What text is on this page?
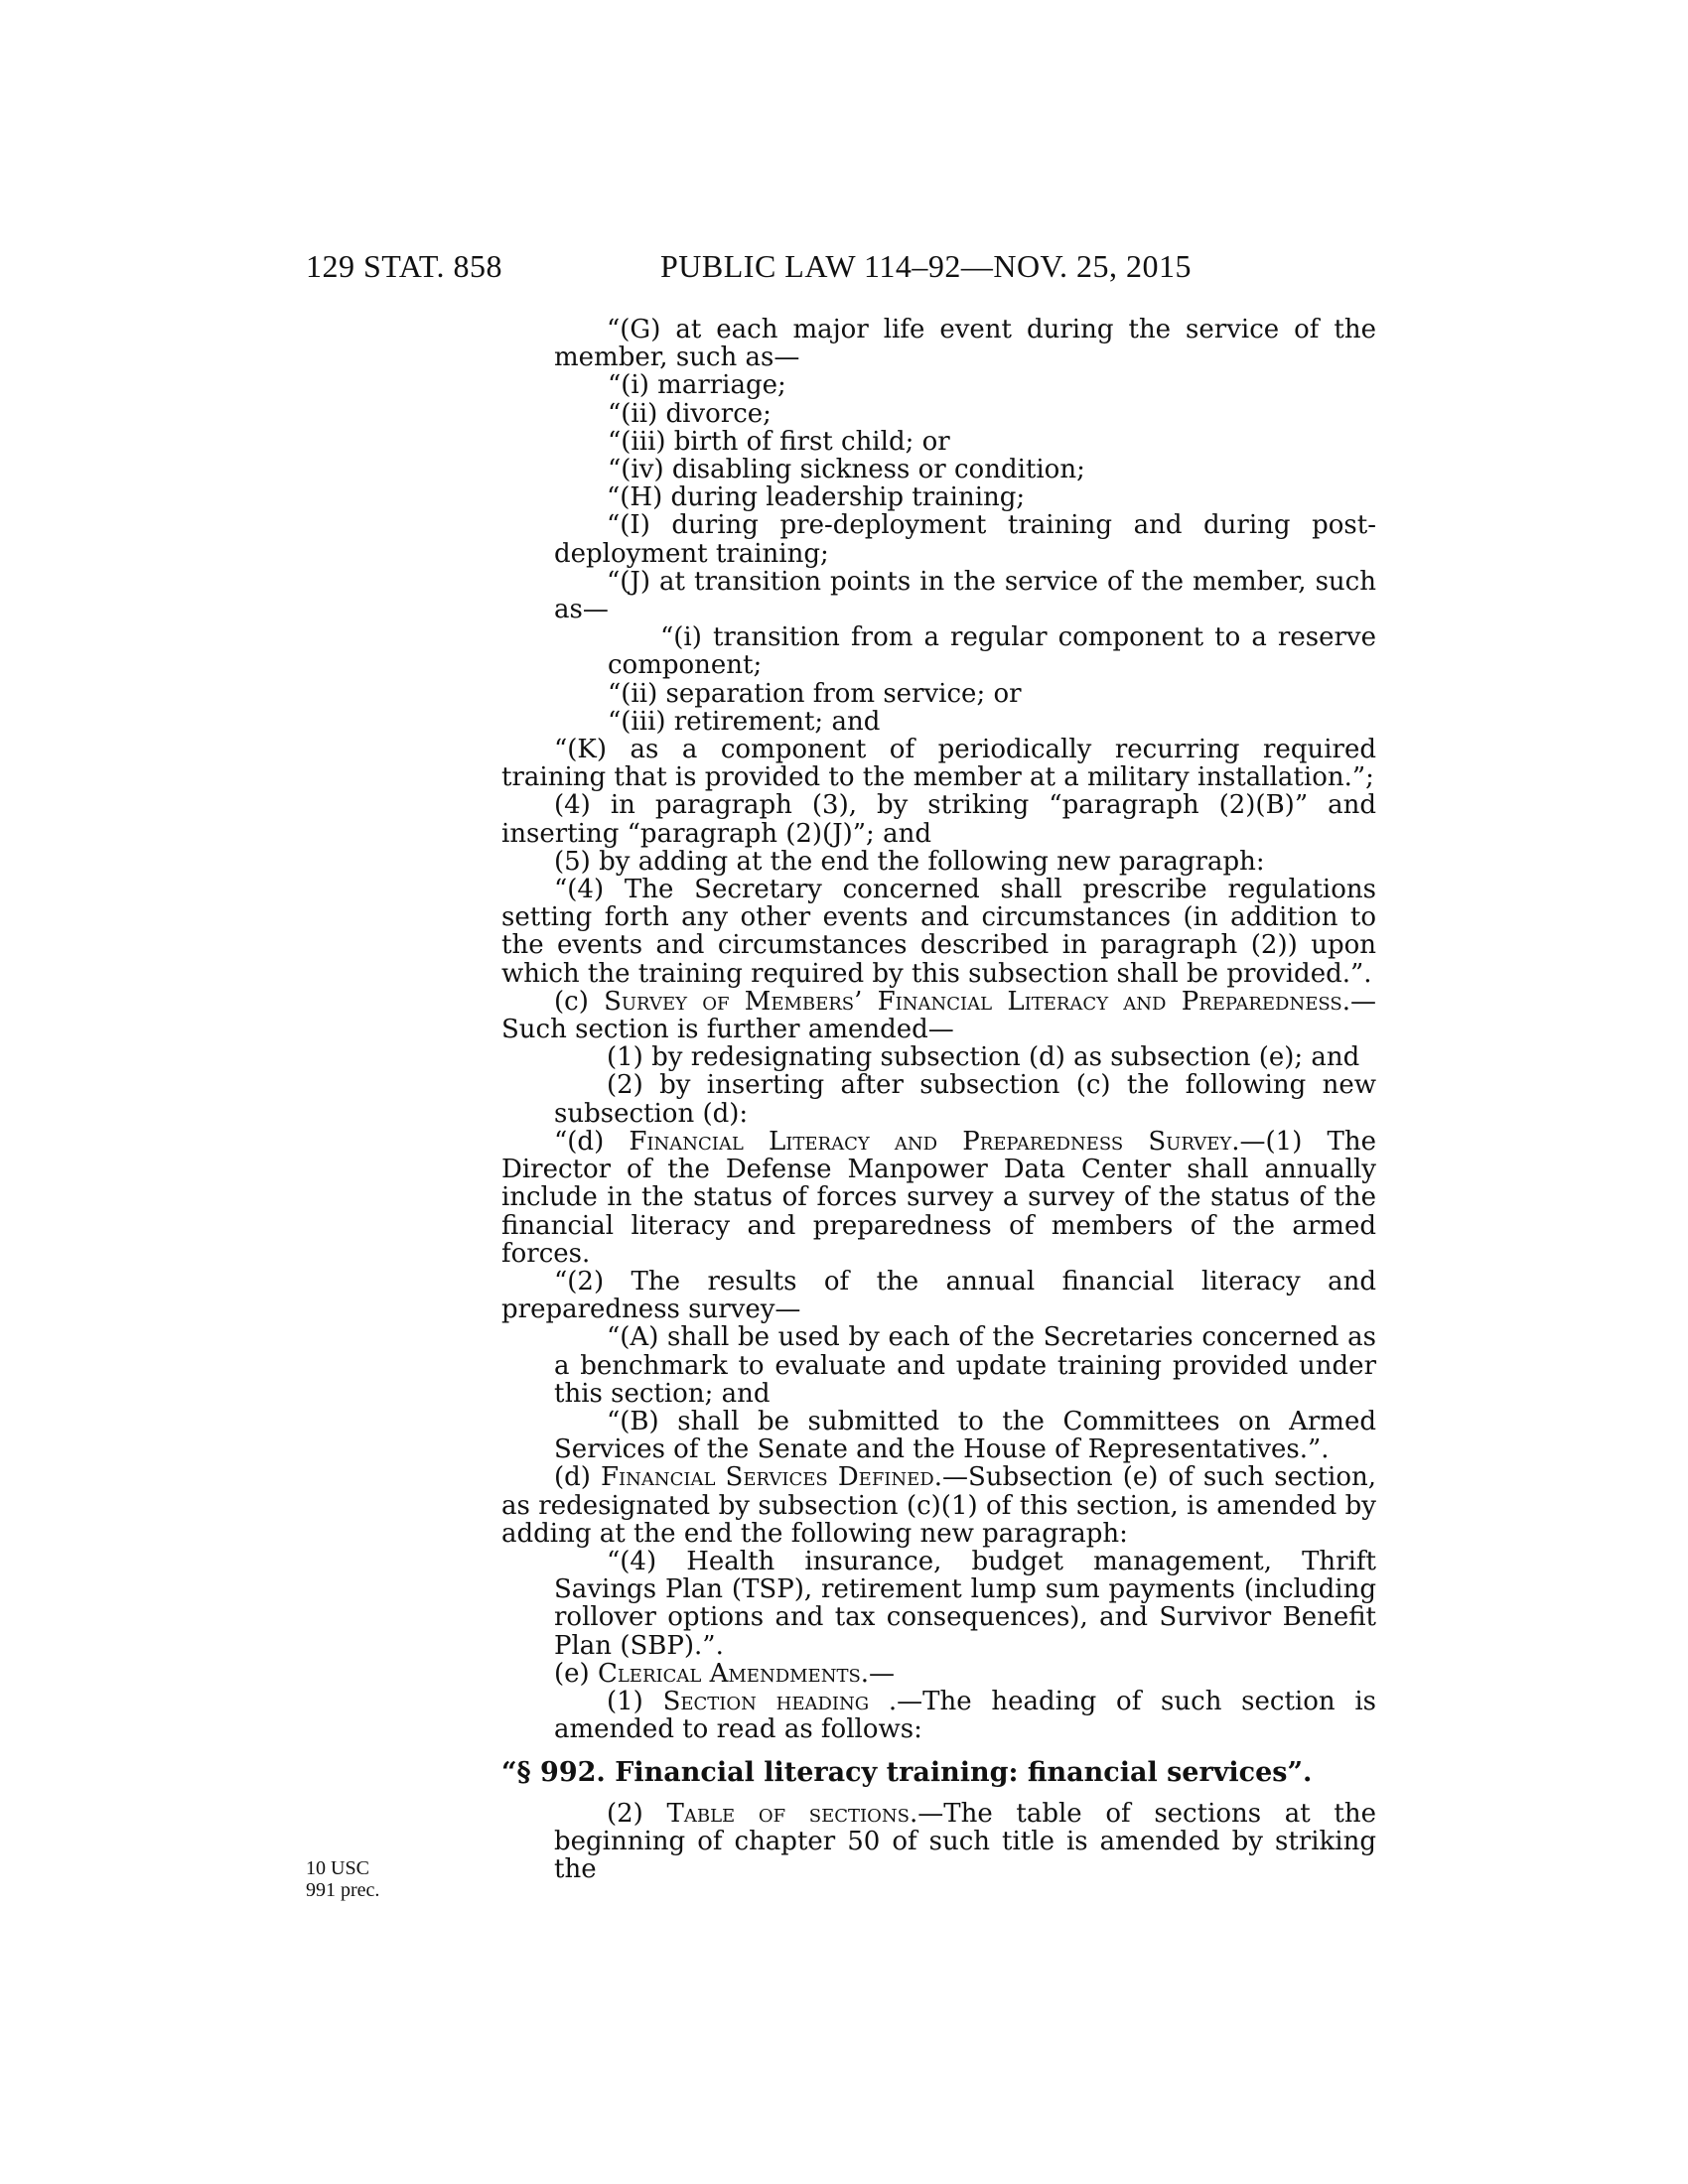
129 STAT. 858	PUBLIC LAW 114–92—NOV. 25, 2015

“(G) at each major life event during the service of the member, such as—

“(i) marriage;

“(ii) divorce;

“(iii) birth of first child; or

“(iv) disabling sickness or condition;

“(H) during leadership training;

“(I) during pre-deployment training and during post-deployment training;

“(J) at transition points in the service of the member, such as—

“(i) transition from a regular component to a reserve component;

“(ii) separation from service; or

“(iii) retirement; and

“(K) as a component of periodically recurring required training that is provided to the member at a military installation.”;

(4) in paragraph (3), by striking “paragraph (2)(B)” and inserting “paragraph (2)(J)”; and

(5) by adding at the end the following new paragraph:

“(4) The Secretary concerned shall prescribe regulations setting forth any other events and circumstances (in addition to the events and circumstances described in paragraph (2)) upon which the training required by this subsection shall be provided.”.

(c) Survey of Members’ Financial Literacy and Preparedness.—Such section is further amended—

(1) by redesignating subsection (d) as subsection (e); and

(2) by inserting after subsection (c) the following new subsection (d):

“(d) Financial Literacy and Preparedness Survey.—(1) The Director of the Defense Manpower Data Center shall annually include in the status of forces survey a survey of the status of the financial literacy and preparedness of members of the armed forces.

“(2) The results of the annual financial literacy and preparedness survey—

“(A) shall be used by each of the Secretaries concerned as a benchmark to evaluate and update training provided under this section; and

“(B) shall be submitted to the Committees on Armed Services of the Senate and the House of Representatives.”.

(d) Financial Services Defined.—Subsection (e) of such section, as redesignated by subsection (c)(1) of this section, is amended by adding at the end the following new paragraph:

“(4) Health insurance, budget management, Thrift Savings Plan (TSP), retirement lump sum payments (including rollover options and tax consequences), and Survivor Benefit Plan (SBP).”.

(e) Clerical Amendments.—

(1) Section heading .—The heading of such section is amended to read as follows:

“§ 992. Financial literacy training: financial services”.

(2) Table of sections.—The table of sections at the beginning of chapter 50 of such title is amended by striking the

10 USC
991 prec.
